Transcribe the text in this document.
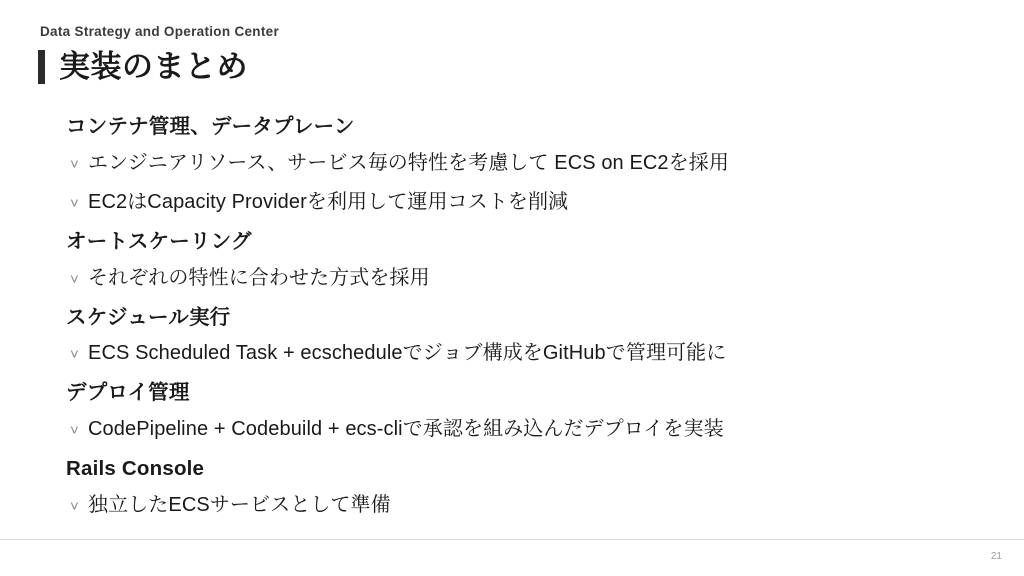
Data Strategy and Operation Center
実装のまとめ
コンテナ管理、データプレーン
˅ エンジニアリソース、サービス毎の特性を考慮して ECS on EC2を採用
˅ EC2はCapacity Providerを利用して運用コストを削減
オートスケーリング
˅ それぞれの特性に合わせた方式を採用
スケジュール実行
˅ ECS Scheduled Task + ecscheduleでジョブ構成をGitHubで管理可能に
デプロイ管理
˅ CodePipeline + Codebuild + ecs-cliで承認を組み込んだデプロイを実装
Rails Console
˅ 独立したECSサービスとして準備
21
